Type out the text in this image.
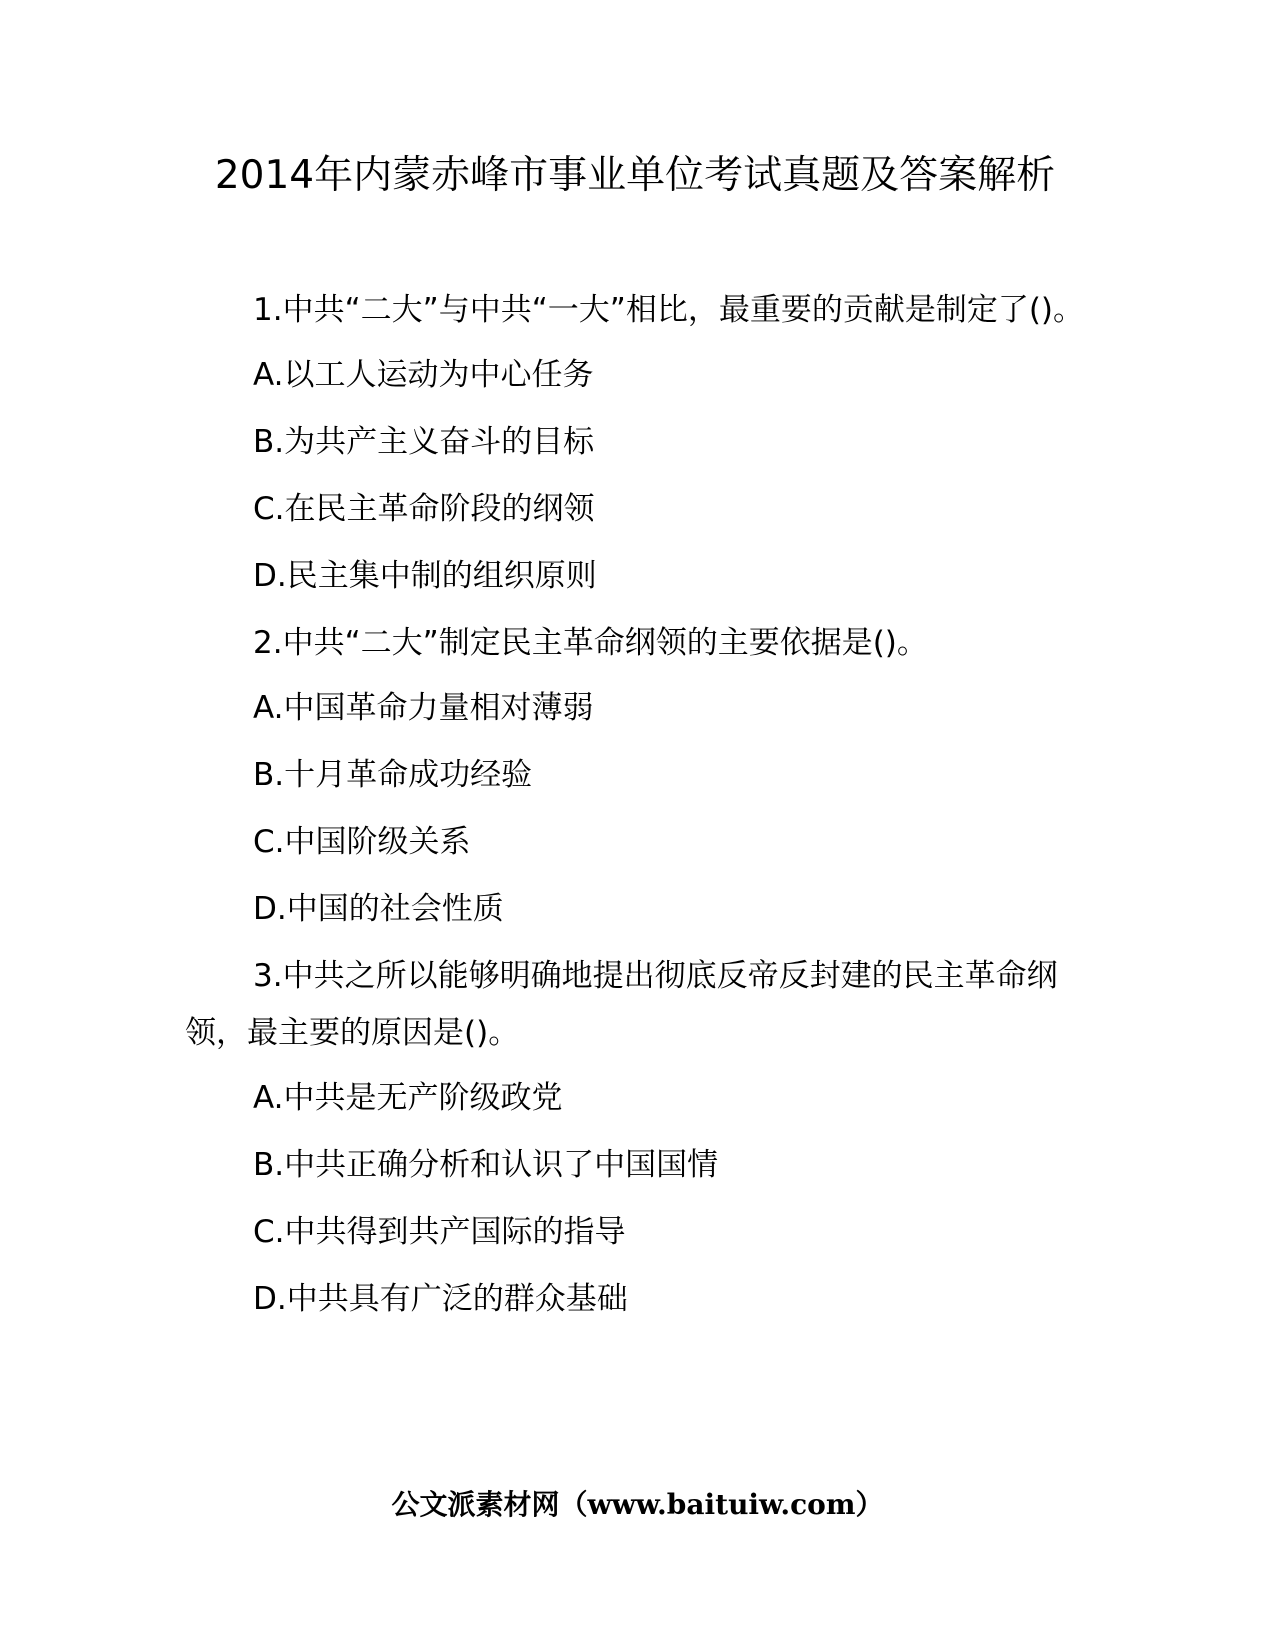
2014年内蒙赤峰市事业单位考试真题及答案解析

1.中共“二大”与中共“一大”相比，最重要的贡献是制定了()。

A.以工人运动为中心任务

B.为共产主义奋斗的目标

C.在民主革命阶段的纲领

D.民主集中制的组织原则

2.中共“二大”制定民主革命纲领的主要依据是()。

A.中国革命力量相对薄弱

B.十月革命成功经验

C.中国阶级关系

D.中国的社会性质

3.中共之所以能够明确地提出彻底反帝反封建的民主革命纲领，最主要的原因是()。

A.中共是无产阶级政党

B.中共正确分析和认识了中国国情

C.中共得到共产国际的指导

D.中共具有广泛的群众基础

公文派素材网（www.baituiw.com）
